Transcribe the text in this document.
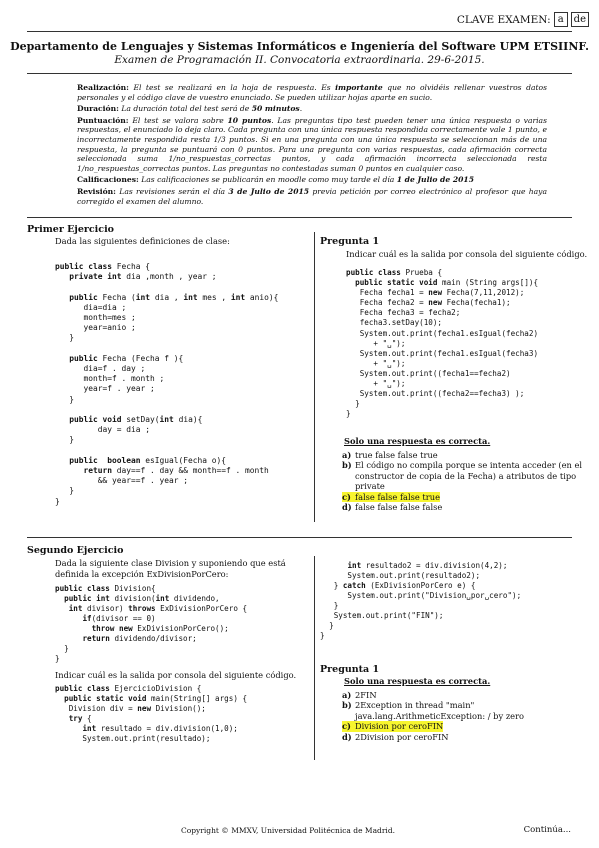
CLAVE EXAMEN: a	de
Departamento de Lenguajes y Sistemas Informáticos e Ingeniería del Software UPM ETSIINF.
Examen de Programación II. Convocatoria extraordinaria. 29-6-2015.

Realización: El test se realizará en la hoja de respuesta. Es importante que no olvidéis rellenar vuestros datos personales y el código clave de vuestro enunciado. Se pueden utilizar hojas aparte en sucio.

Duración: La duración total del test será de 50 minutos.

Puntuación: El test se valora sobre 10 puntos. Las preguntas tipo test pueden tener una única respuesta o varias respuestas, el enunciado lo deja claro. Cada pregunta con una única respuesta respondida correctamente vale 1 punto, e incorrectamente respondida resta 1/3 puntos. Si en una pregunta con una única respuesta se seleccionan más de una respuesta, la pregunta se puntuará con 0 puntos. Para una pregunta con varias respuestas, cada afirmación correcta seleccionada suma 1/no_respuestas_correctas puntos, y cada afirmación incorrecta seleccionada resta 1/no_respuestas_correctas puntos. Las preguntas no contestadas suman 0 puntos en cualquier caso.

Calificaciones: Las calificaciones se publicarán en moodle como muy tarde el día 1 de Julio de 2015

Revisión: Las revisiones serán el día 3 de Julio de 2015 previa petición por correo electrónico al profesor que haya corregido el examen del alumno.

Primer Ejercicio
Dada las siguientes definiciones de clase:
public class Fecha {
private int dia ,month , year ;

public Fecha (int dia , int mes , int anio){
dia=dia ;
month=mes ;
year=anio ;
}

public Fecha (Fecha f ){
dia=f . day ;
month=f . month ;
year=f . year ;
}

public void setDay(int dia){
day = dia ;
}

public  boolean esIgual(Fecha o){
return day==f . day && month==f . month
&& year==f . year ;
}
}
Pregunta 1
Indicar cuál es la salida por consola del siguiente código.
public class Prueba {
public static void main (String args[]){
Fecha fecha1 = new Fecha(7,11,2012);
Fecha fecha2 = new Fecha(fecha1);
Fecha fecha3 = fecha2;
fecha3.setDay(10);
System.out.print(fecha1.esIgual(fecha2)
+ "␣");
System.out.print(fecha1.esIgual(fecha3)
+ "␣");
System.out.print((fecha1==fecha2)
+ "␣");
System.out.print((fecha2==fecha3) );
}
}
Solo una respuesta es correcta.
a) true false false true
b) El código no compila porque se intenta acceder (en el constructor de copia de la Fecha) a atributos de tipo private
c) false false false true
d) false false false false
Segundo Ejercicio
Dada la siguiente clase Division y suponiendo que está definida la excepción ExDivisionPorCero:
public class Division{
public int division(int dividendo,
int divisor) throws ExDivisionPorCero {
if(divisor == 0)
throw new ExDivisionPorCero();
return dividendo/divisor;
}
}
Indicar cuál es la salida por consola del siguiente código.
public class EjercicioDivision {
public static void main(String[] args) {
Division div = new Division();
try {
int resultado = div.division(1,0);
System.out.print(resultado);
int resultado2 = div.division(4,2);
System.out.print(resultado2);
} catch (ExDivisionPorCero e) {
System.out.print("Division␣por␣cero");
}
System.out.print("FIN");
}
}
Pregunta 1
Solo una respuesta es correcta.
a) 2FIN
b) 2Exception in thread "main" java.lang.ArithmeticException: / by zero
c) Division por ceroFIN
d) 2Division por ceroFIN
Copyright © MMXV, Universidad Politécnica de Madrid.	Continúa...
